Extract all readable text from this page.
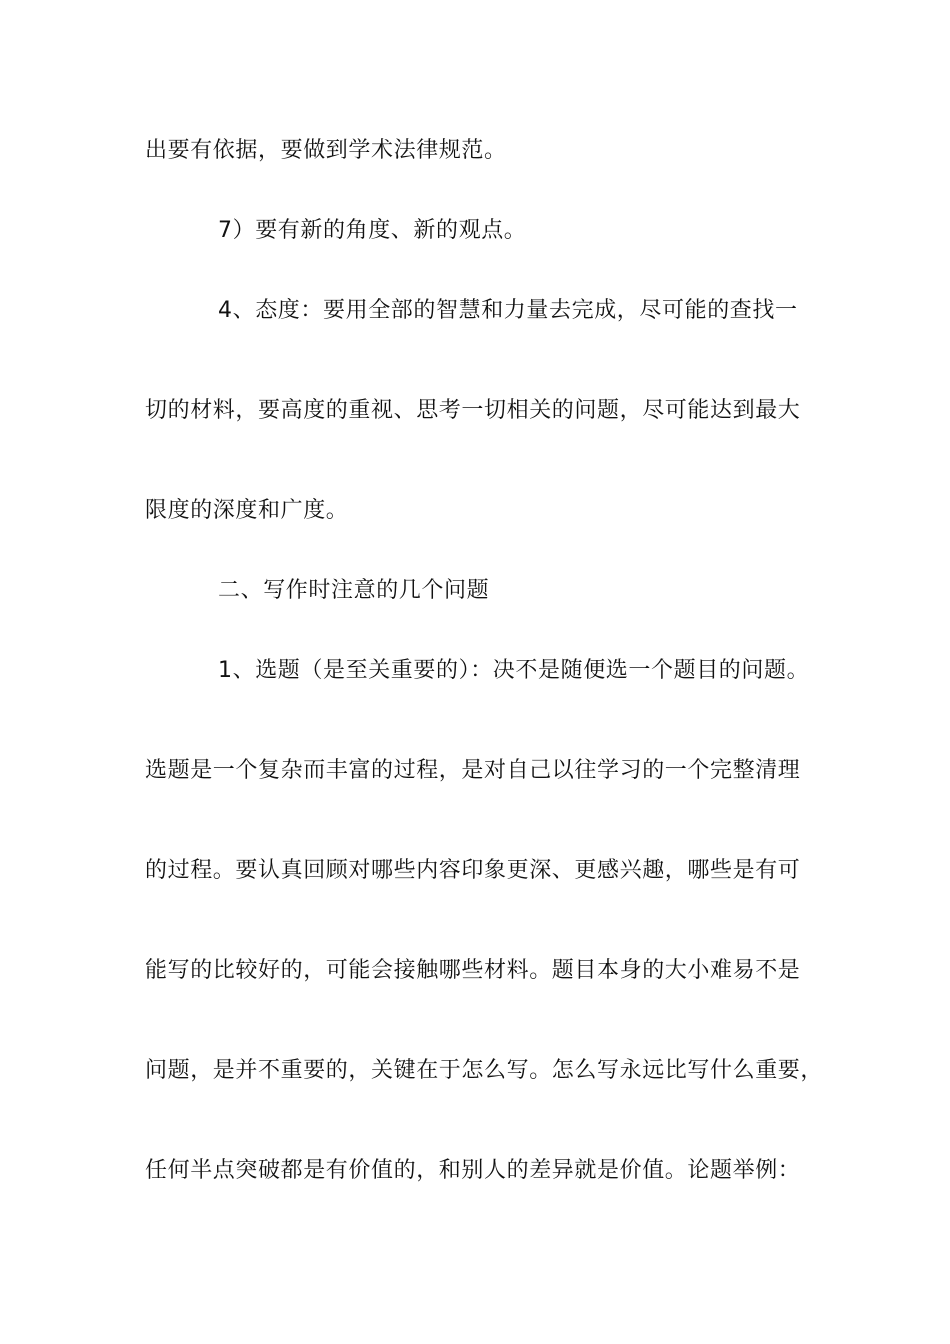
出要有依据，要做到学术法律规范。
7）要有新的角度、新的观点。
4、态度：要用全部的智慧和力量去完成，尽可能的查找一
切的材料，要高度的重视、思考一切相关的问题，尽可能达到最大
限度的深度和广度。
二、写作时注意的几个问题
1、选题（是至关重要的）：决不是随便选一个题目的问题。
选题是一个复杂而丰富的过程，是对自己以往学习的一个完整清理
的过程。要认真回顾对哪些内容印象更深、更感兴趣，哪些是有可
能写的比较好的，可能会接触哪些材料。题目本身的大小难易不是
问题，是并不重要的，关键在于怎么写。怎么写永远比写什么重要，
任何半点突破都是有价值的，和别人的差异就是价值。论题举例：
